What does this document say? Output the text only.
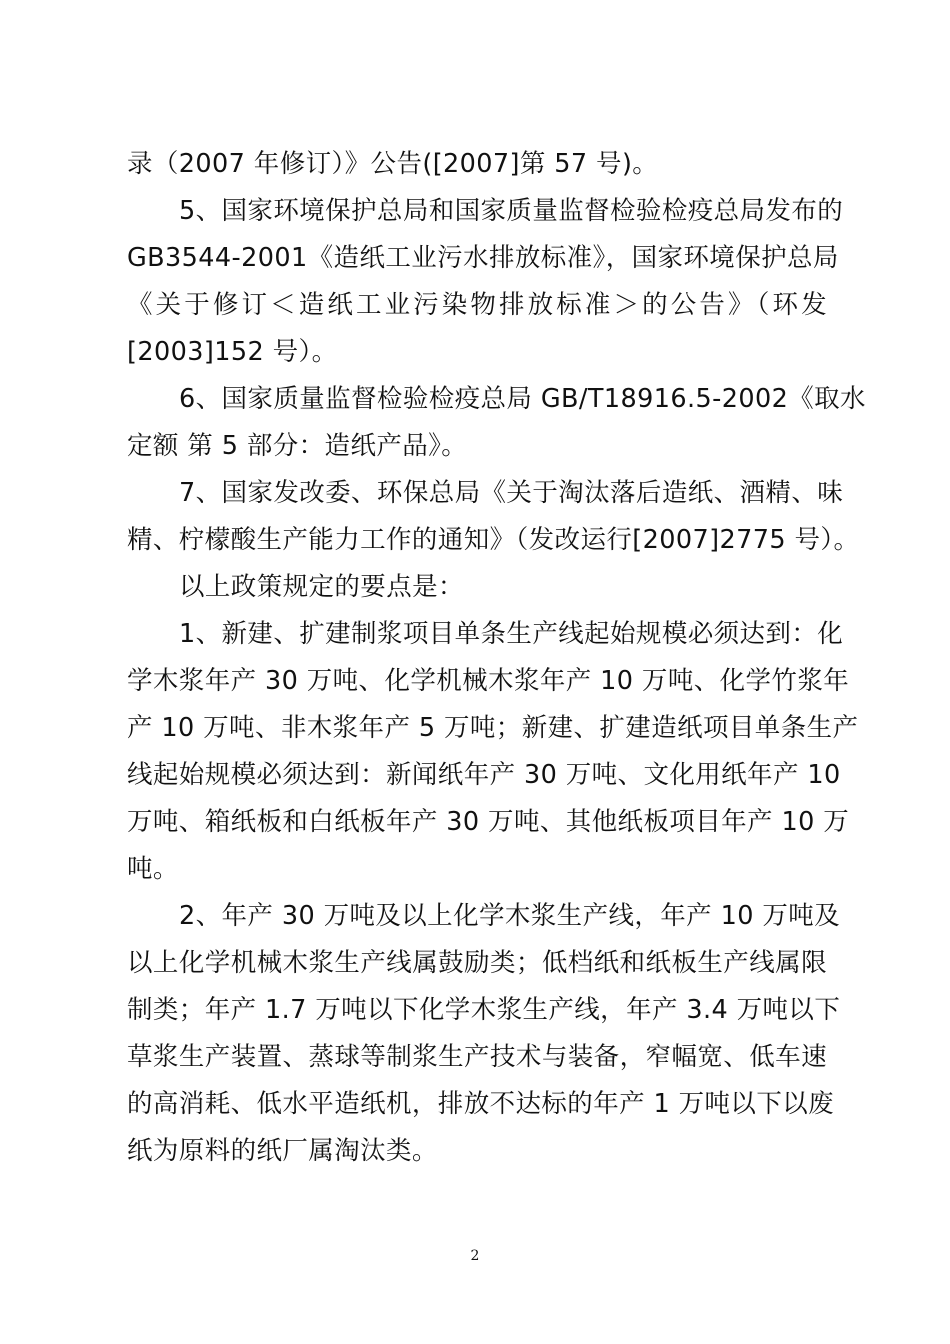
录（2007 年修订）》公告([2007]第 57 号)。
5、国家环境保护总局和国家质量监督检验检疫总局发布的
GB3544-2001《造纸工业污水排放标准》，国家环境保护总局
《关于修订＜造纸工业污染物排放标准＞的公告》（环发
[2003]152 号）。
6、国家质量监督检验检疫总局 GB/T18916.5-2002《取水
定额 第 5 部分：造纸产品》。
7、国家发改委、环保总局《关于淘汰落后造纸、酒精、味
精、柠檬酸生产能力工作的通知》（发改运行[2007]2775 号）。
以上政策规定的要点是：
1、新建、扩建制浆项目单条生产线起始规模必须达到：化
学木浆年产 30 万吨、化学机械木浆年产 10 万吨、化学竹浆年
产 10 万吨、非木浆年产 5 万吨；新建、扩建造纸项目单条生产
线起始规模必须达到：新闻纸年产 30 万吨、文化用纸年产 10
万吨、箱纸板和白纸板年产 30 万吨、其他纸板项目年产 10 万
吨。
2、年产 30 万吨及以上化学木浆生产线，年产 10 万吨及
以上化学机械木浆生产线属鼓励类；低档纸和纸板生产线属限
制类；年产 1.7 万吨以下化学木浆生产线，年产 3.4 万吨以下
草浆生产装置、蒸球等制浆生产技术与装备，窄幅宽、低车速
的高消耗、低水平造纸机，排放不达标的年产 1 万吨以下以废
纸为原料的纸厂属淘汰类。
2
